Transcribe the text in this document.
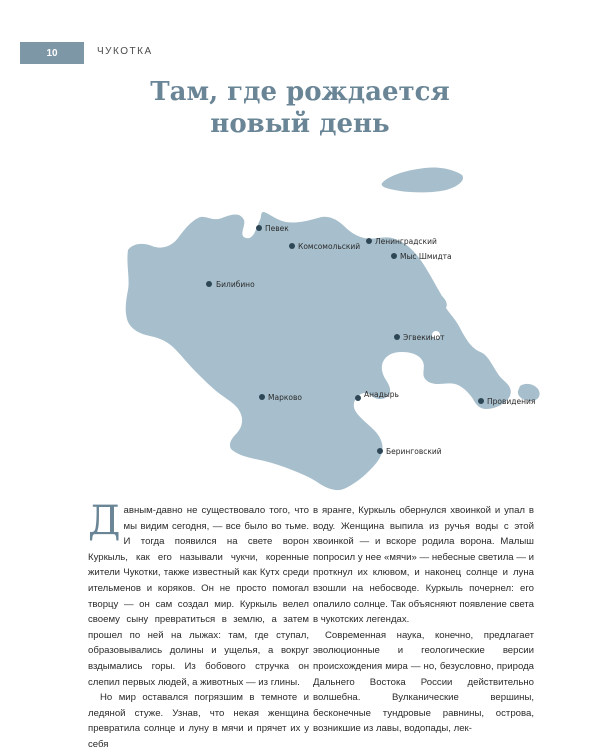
10	ЧУКОТКА
Там, где рождается
новый день
Певек
Комсомольский
Ленинградский
Мыс Шмидта
Билибино
Эгвекинот
Марково	Анадырь
Провидения
Беринговский

Давным-давно не существовало того, что мы видим сегодня, — все было во тьме. И тогда появился на свете ворон Куркыль, как его называли чукчи, коренные жители Чукотки, также известный как Кутх среди ительменов и коряков. Он не просто помогал творцу — он сам создал мир. Куркыль велел своему сыну превратиться в землю, а затем прошел по ней на лыжах: там, где ступал, образовывались долины и ущелья, а вокруг вздымались горы. Из бобового стручка он слепил первых людей, а животных — из глины.

Но мир оставался погрязшим в темноте и ледяной стуже. Узнав, что некая женщина превратила солнце и луну в мячи и прячет их у себя

в яранге, Куркыль обернулся хвоинкой и упал в воду. Женщина выпила из ручья воды с этой хвоинкой — и вскоре родила ворона. Малыш попросил у нее «мячи» — небесные светила — и проткнул их клювом, и наконец солнце и луна взошли на небосводе. Куркыль почернел: его опалило солнце. Так объясняют появление света в чукотских легендах.

Современная наука, конечно, предлагает эволюционные и геологические версии происхождения мира — но, безусловно, природа Дальнего Востока России действительно волшебна. Вулканические вершины, бесконечные тундровые равнины, острова, возникшие из лавы, водопады, лек-
